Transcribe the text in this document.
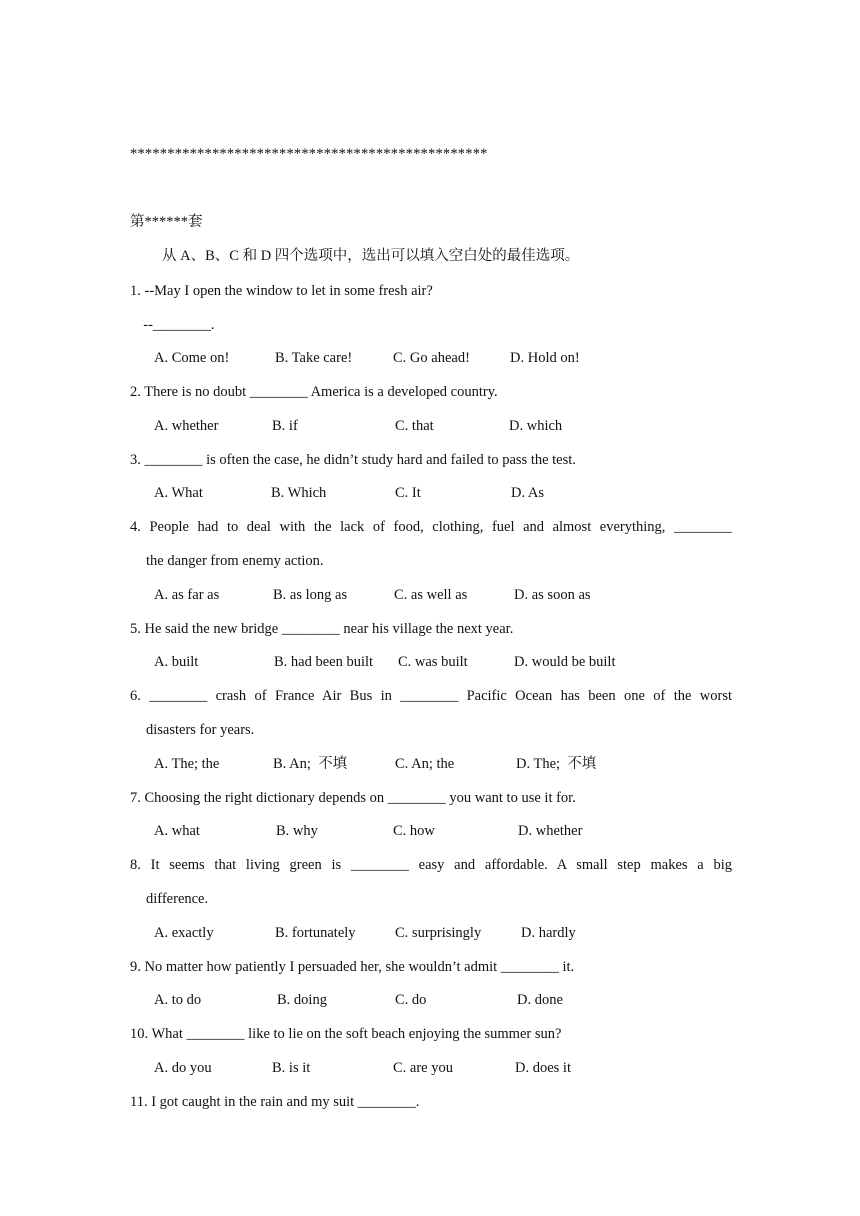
************************************************
第******套
从 A、B、C 和 D 四个选项中，选出可以填入空白处的最佳选项。
1. --May I open the window to let in some fresh air?
--________.
A. Come on!	B. Take care!	C. Go ahead!	D. Hold on!
2. There is no doubt ________ America is a developed country.
A. whether	B. if	C. that	D. which
3. ________ is often the case, he didn’t study hard and failed to pass the test.
A. What	B. Which	C. It	D. As
4. People had to deal with the lack of food, clothing, fuel and almost everything, ________
the danger from enemy action.
A. as far as	B. as long as	C. as well as	D. as soon as
5. He said the new bridge ________ near his village the next year.
A. built	B. had been built C. was built	D. would be built
6. ________ crash of France Air Bus in ________ Pacific Ocean has been one of the worst
disasters for years.
A. The; the	B. An;  不填	C. An; the	D. The;  不填
7. Choosing the right dictionary depends on ________ you want to use it for.
A. what	B. why	C. how	D. whether
8. It seems that living green is ________ easy and affordable. A small step makes a big
difference.
A. exactly	B. fortunately	C. surprisingly	D. hardly
9. No matter how patiently I persuaded her, she wouldn’t admit ________ it.
A. to do	B. doing	C. do	D. done
10. What ________ like to lie on the soft beach enjoying the summer sun?
A. do you	B. is it	C. are you	D. does it
11. I got caught in the rain and my suit ________.
